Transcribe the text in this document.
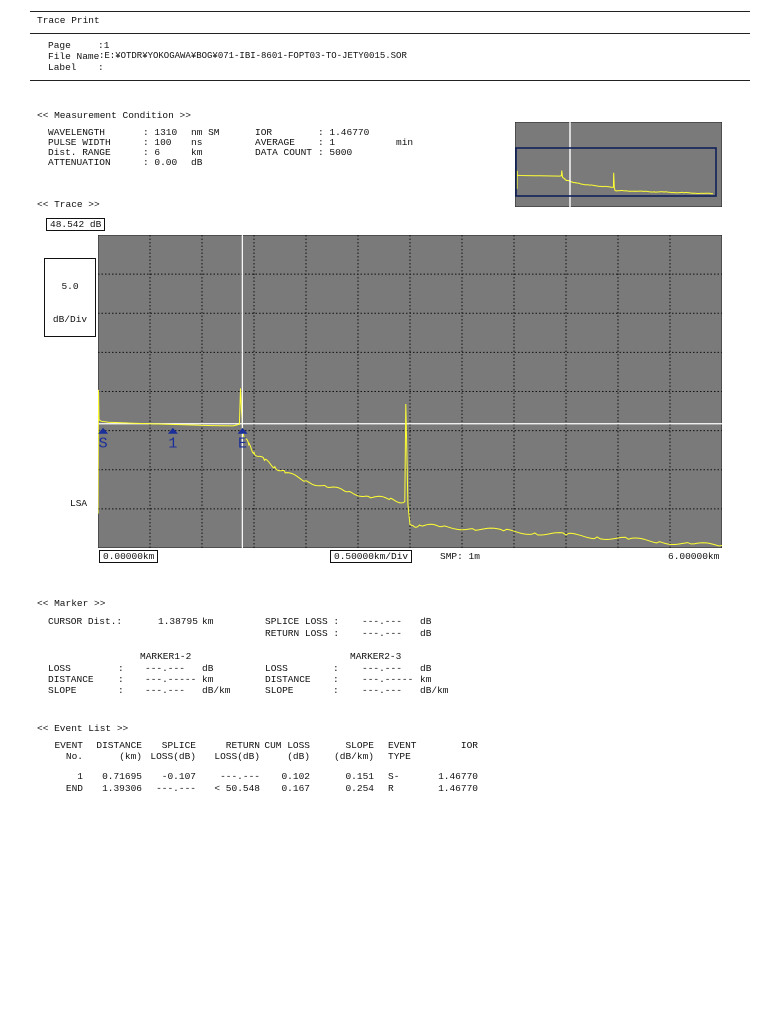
Trace Print
Page	:1
File Name :E:¥OTDR¥YOKOGAWA¥BOG¥071-IBI-8601-FOPT03-TO-JETY0015.SOR
Label :
<< Measurement Condition >>
WAVELENGTH	: 1310 nm SM	IOR	: 1.46770
PULSE WIDTH	: 100 ns	AVERAGE : 1	min
Dist. RANGE	: 6	km	DATA COUNT : 5000
ATTENUATION	: 0.00 dB
<< Trace >>
48.542 dB

5.0

dB/Div

LSA
S	1	E
0.00000km	0.50000km/Div	SMP: 1m	6.00000km
<< Marker >>
CURSOR Dist.:	1.38795 km	SPLICE LOSS : ---.--- dB
RETURN LOSS : ---.--- dB
MARKER1-2	MARKER2-3
LOSS	: ---.--- dB	LOSS	: ---.--- dB
DISTANCE	: ---.----- km	DISTANCE : ---.----- km
SLOPE	: ---.--- dB/km	SLOPE	: ---.--- dB/km
<< Event List >>
EVENT DISTANCE SPLICE	RETURN CUM LOSS	SLOPE EVENT	IOR
No.	(km) LOSS(dB) LOSS(dB)	(dB)	(dB/km) TYPE
1 0.71695 -0.107	---.--- 0.102	0.151 S-	1.46770
END 1.39306 ---.--- < 50.548 0.167	0.254 R	1.46770
